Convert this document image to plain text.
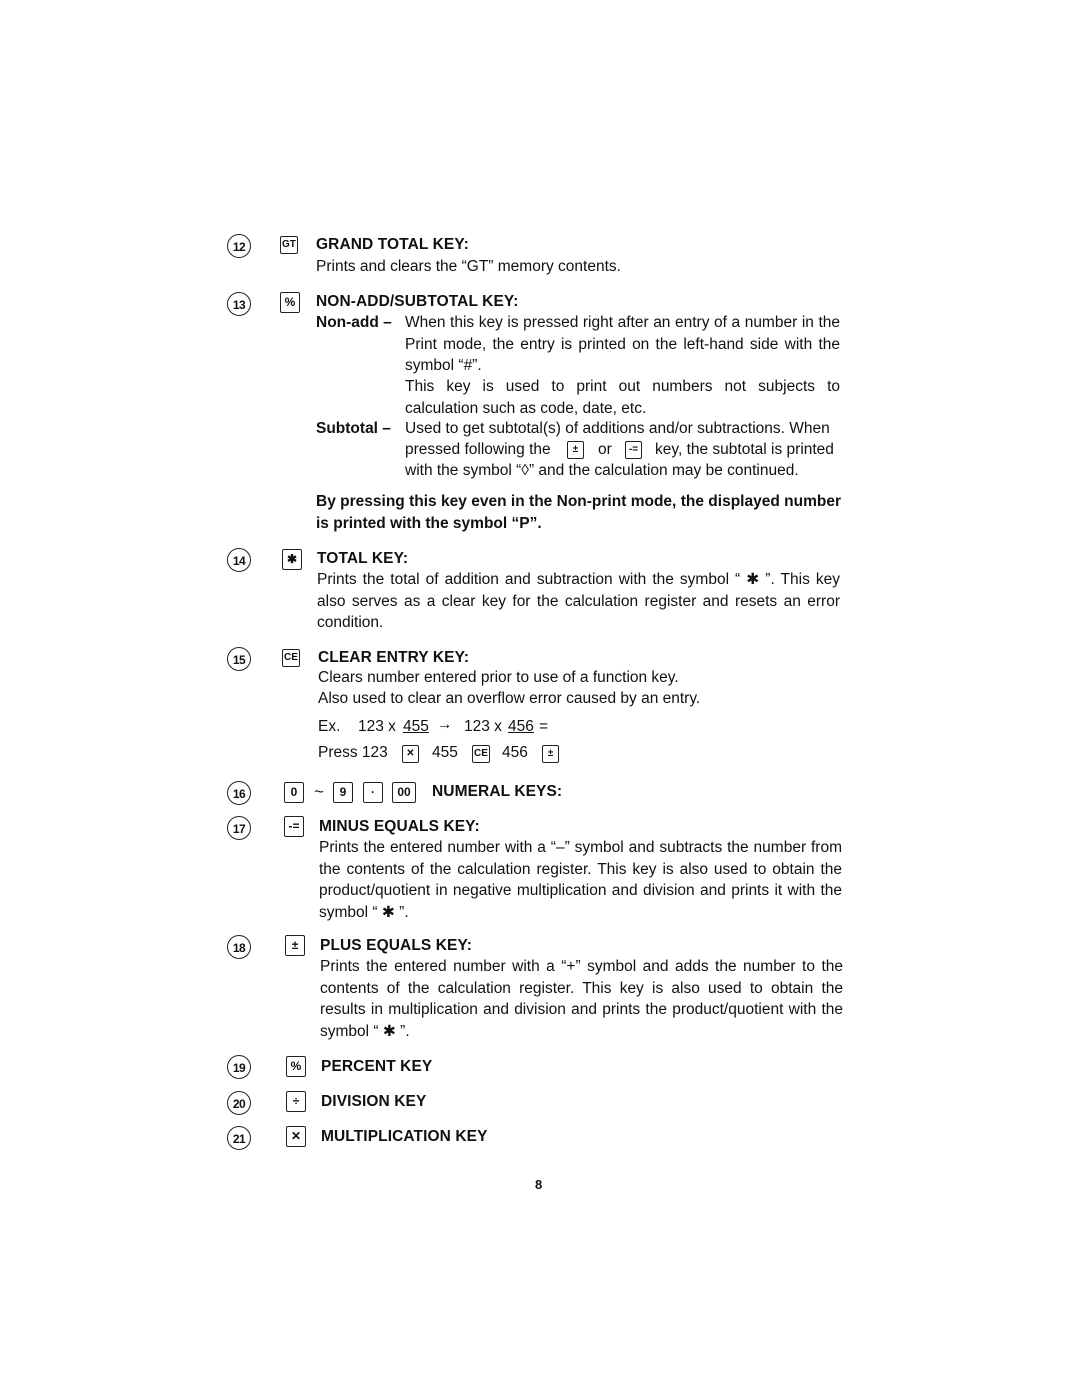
12	GT GRAND TOTAL KEY:
Prints and clears the “GT” memory contents.
13	%	NON-ADD/SUBTOTAL KEY:
Non-add – When this key is pressed right after an entry of a number in the Print mode, the entry is printed on the left-hand side with the symbol “#”.
This key is used to print out numbers not subjects to calculation such as code, date, etc.
Subtotal – Used to get subtotal(s) of additions and/or subtractions. When
pressed following the	±	or	-= key, the subtotal is printed
with the symbol “◊” and the calculation may be continued.
By pressing this key even in the Non-print mode, the displayed number is printed with the symbol “P”.
14	✱	TOTAL KEY:
Prints the total of addition and subtraction with the symbol “ ✱ ”. This key also serves as a clear key for the calculation register and resets an error condition.
15	CE CLEAR ENTRY KEY:
Clears number entered prior to use of a function key.
Also used to clear an overflow error caused by an entry.
Ex. 123 x 455 → 123 x 456 =
Press 123	✕ 455 CE 456	±
16	0 ~	9	·	00	NUMERAL KEYS:
17	-= MINUS EQUALS KEY:
Prints the entered number with a “–” symbol and subtracts the number from the contents of the calculation register. This key is also used to obtain the product/quotient in negative multiplication and division and prints it with the symbol “ ✱ ”.
18	±	PLUS EQUALS KEY:
Prints the entered number with a “+” symbol and adds the number to the contents of the calculation register. This key is also used to obtain the results in multiplication and division and prints the product/quotient with the symbol “ ✱ ”.
19	%	PERCENT KEY
20	÷	DIVISION KEY
21	✕	MULTIPLICATION KEY
8
